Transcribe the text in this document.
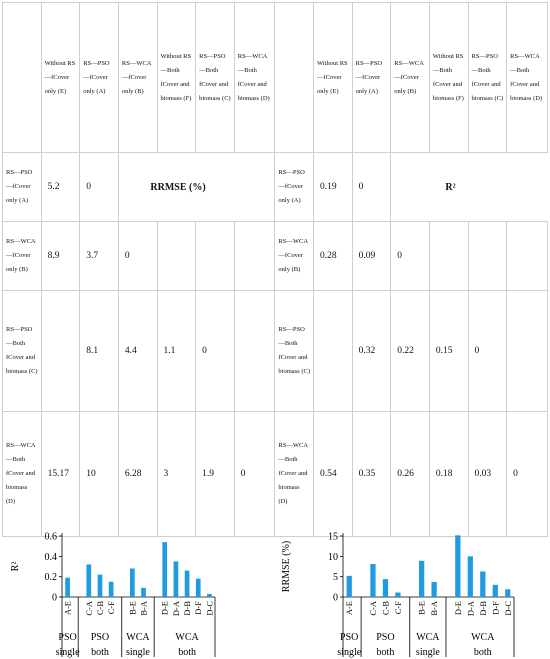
	Without RS—fCover only (E)	RS—PSO—fCover only (A)	RS—WCA—fCover only (B)	Without RS—Both fCover and biomass (F)	RS—PSO—Both fCover and biomass (C)	RS—WCA—Both fCover and biomass (D)		Without RS—fCover only (E)	RS—PSO—fCover only (A)	RS—WCA—fCover only (B)	Without RS—Both fCover and biomass (F)	RS—PSO—Both fCover and biomass (C)	RS—WCA—Both fCover and biomass (D)

RS—PSO—fCover only (A)	5.2	0	RRMSE (%)				RS—PSO—fCover only (A)	0.19	0	R²			

RS—WCA—fCover only (B)	8.9	3.7	0				RS—WCA—fCover only (B)	0.28	0.09	0			

RS—PSO—Both fCover and biomass (C)		8.1	4.4	1.1	0		RS—PSO—Both fCover and biomass (C)		0.32	0.22	0.15	0	

RS—WCA—Both fCover and biomass (D)	15.17	10	6.28	3	1.9	0	RS—WCA—Both fCover and biomass (D)	0.54	0.35	0.26	0.18	0.03	0
0
0.2
0.4
0.6
R²
A-E C-A C-B C-F B-E B-A D-E D-A D-B D-F D-C
PSO
single
PSO
both
WCA
single
WCA
both
0
5
10
15
RRMSE (%)
A-E C-A C-B C-F B-E B-A D-E D-A D-B D-F D-C
PSO
single
PSO
both
WCA
single
WCA
both
